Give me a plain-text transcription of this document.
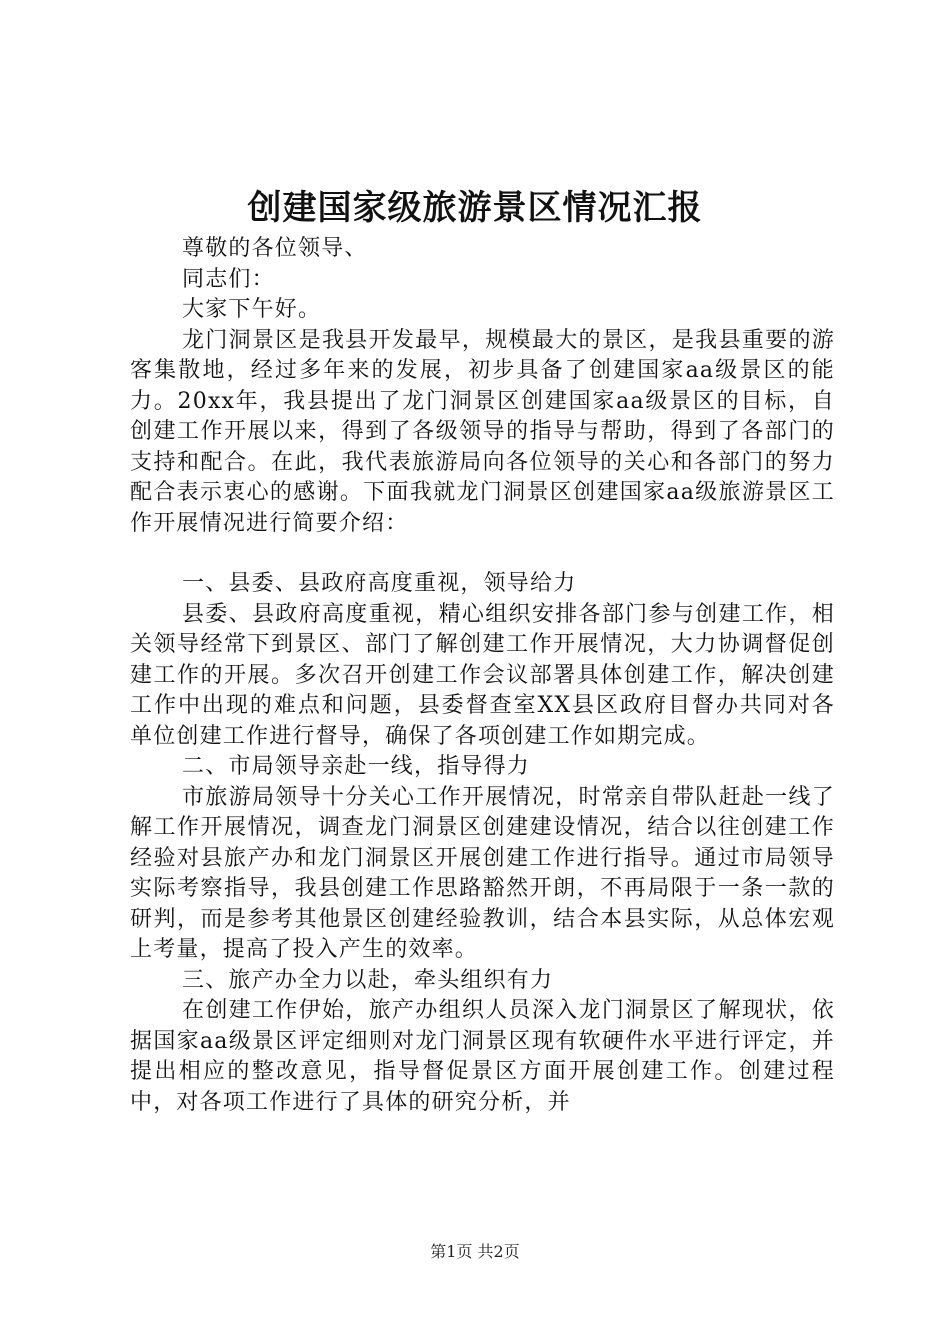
创建国家级旅游景区情况汇报

尊敬的各位领导、

同志们：

大家下午好。

龙门洞景区是我县开发最早，规模最大的景区，是我县重要的游客集散地，经过多年来的发展，初步具备了创建国家aa级景区的能力。20xx年，我县提出了龙门洞景区创建国家aa级景区的目标，自创建工作开展以来，得到了各级领导的指导与帮助，得到了各部门的支持和配合。在此，我代表旅游局向各位领导的关心和各部门的努力配合表示衷心的感谢。下面我就龙门洞景区创建国家aa级旅游景区工作开展情况进行简要介绍：

一、县委、县政府高度重视，领导给力

县委、县政府高度重视，精心组织安排各部门参与创建工作，相关领导经常下到景区、部门了解创建工作开展情况，大力协调督促创建工作的开展。多次召开创建工作会议部署具体创建工作，解决创建工作中出现的难点和问题，县委督查室XX县区政府目督办共同对各单位创建工作进行督导，确保了各项创建工作如期完成。

二、市局领导亲赴一线，指导得力

市旅游局领导十分关心工作开展情况，时常亲自带队赶赴一线了解工作开展情况，调查龙门洞景区创建建设情况，结合以往创建工作经验对县旅产办和龙门洞景区开展创建工作进行指导。通过市局领导实际考察指导，我县创建工作思路豁然开朗，不再局限于一条一款的研判，而是参考其他景区创建经验教训，结合本县实际，从总体宏观上考量，提高了投入产生的效率。

三、旅产办全力以赴，牵头组织有力

在创建工作伊始，旅产办组织人员深入龙门洞景区了解现状，依据国家aa级景区评定细则对龙门洞景区现有软硬件水平进行评定，并提出相应的整改意见，指导督促景区方面开展创建工作。创建过程中，对各项工作进行了具体的研究分析，并

第1页 共2页
